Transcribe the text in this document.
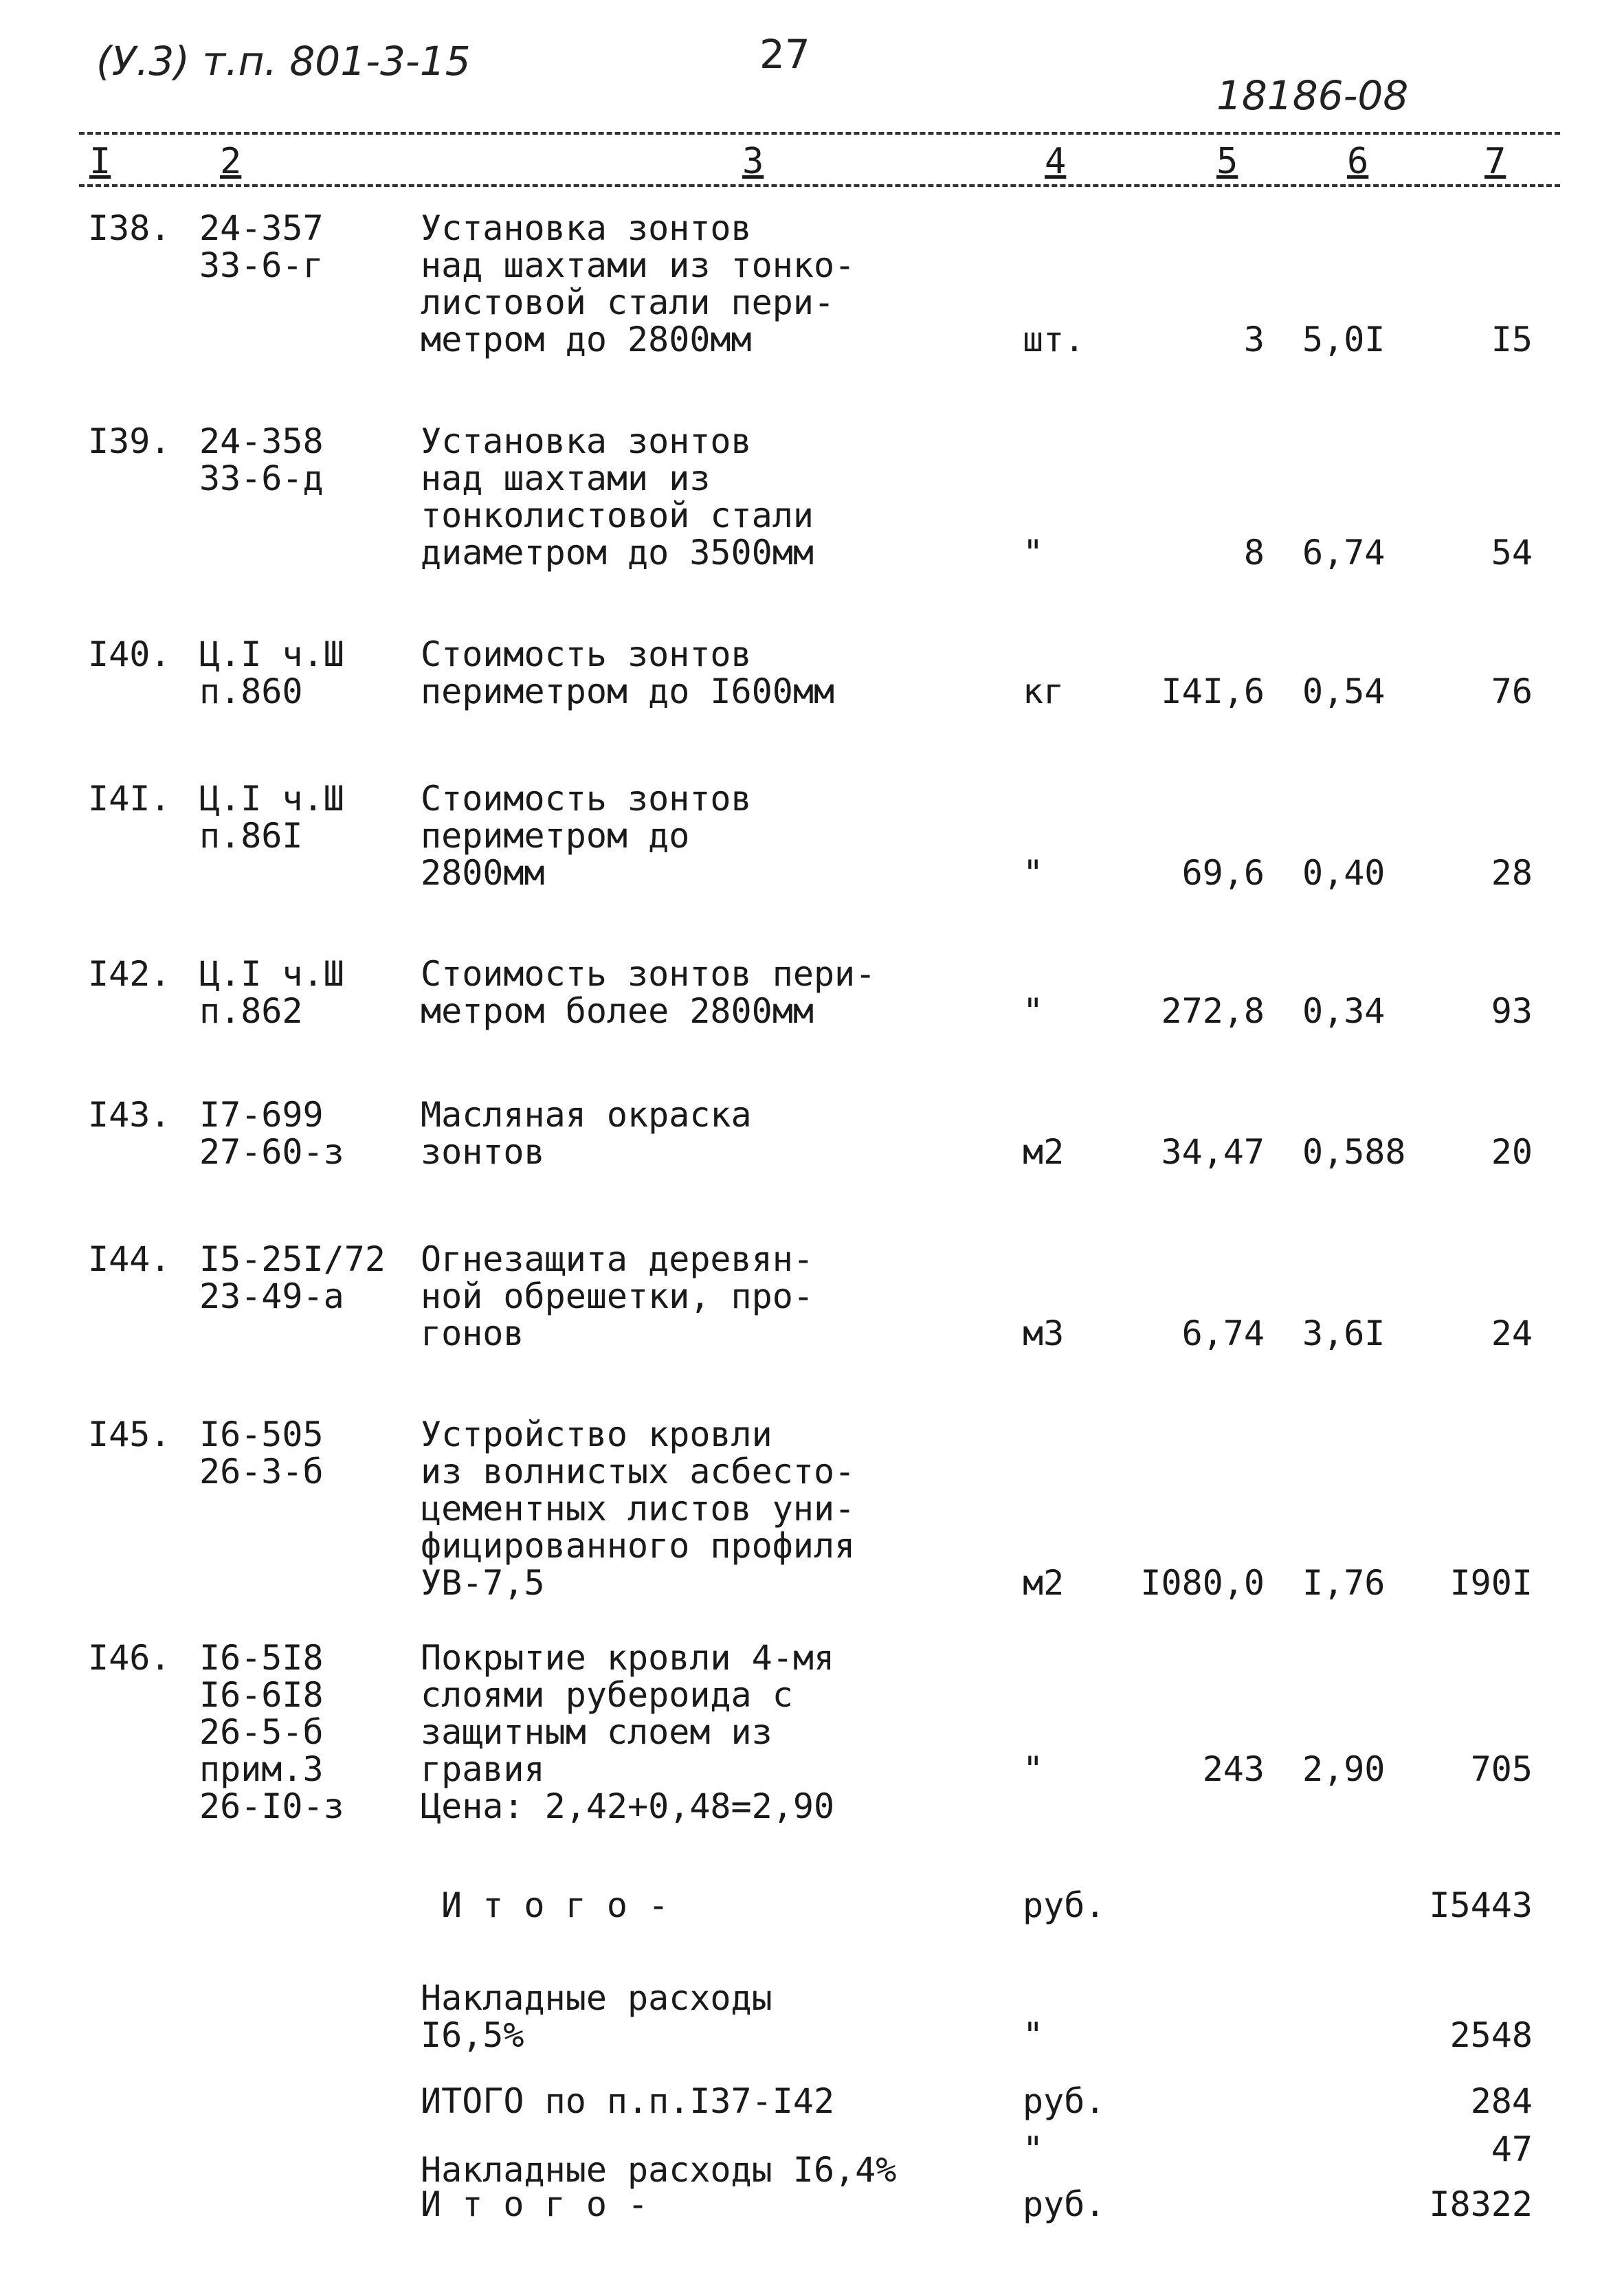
(У.3) т.п. 801-3-15	27
18186-08
I	2	3	4	5	6	7
I38. 24-357
33-6-г
Установка зонтов
над шахтами из тонко-
листовой стали пери-
метром до 2800мм	шт.	3 5,0I	I5
I39. 24-358
33-6-д
Установка зонтов
над шахтами из
тонколистовой стали
диаметром до 3500мм	"	8 6,74	54
I40. Ц.I ч.Ш
п.860
Стоимость зонтов
периметром до I600мм	кг	I4I,6 0,54	76
I4I. Ц.I ч.Ш
п.86I
Стоимость зонтов
периметром до
2800мм	"	69,6 0,40	28
I42. Ц.I ч.Ш
п.862
Стоимость зонтов пери-
метром более 2800мм	"	272,8 0,34	93
I43. I7-699
27-60-з
Масляная окраска
зонтов	м2	34,47 0,588 20
I44. I5-25I/72
23-49-а
Огнезащита деревян-
ной обрешетки, про-
гонов	м3	6,74 3,6I	24
I45. I6-505
26-3-б
Устройство кровли
из волнистых асбесто-
цементных листов уни-
фицированного профиля
УВ-7,5	м2 I080,0 I,76 I90I
I46. I6-5I8
I6-6I8
26-5-б
прим.3
26-I0-з
Покрытие кровли 4-мя
слоями рубероида с
защитным слоем из
гравия
Цена: 2,42+0,48=2,90
"	243 2,90 705
И т о г о -	руб.	I5443
Накладные расходы
I6,5%	"	2548
ИТОГО по п.п.I37-I42	руб.	284
Накладные расходы I6,4%
"	47
И т о г о -	руб.	I8322
